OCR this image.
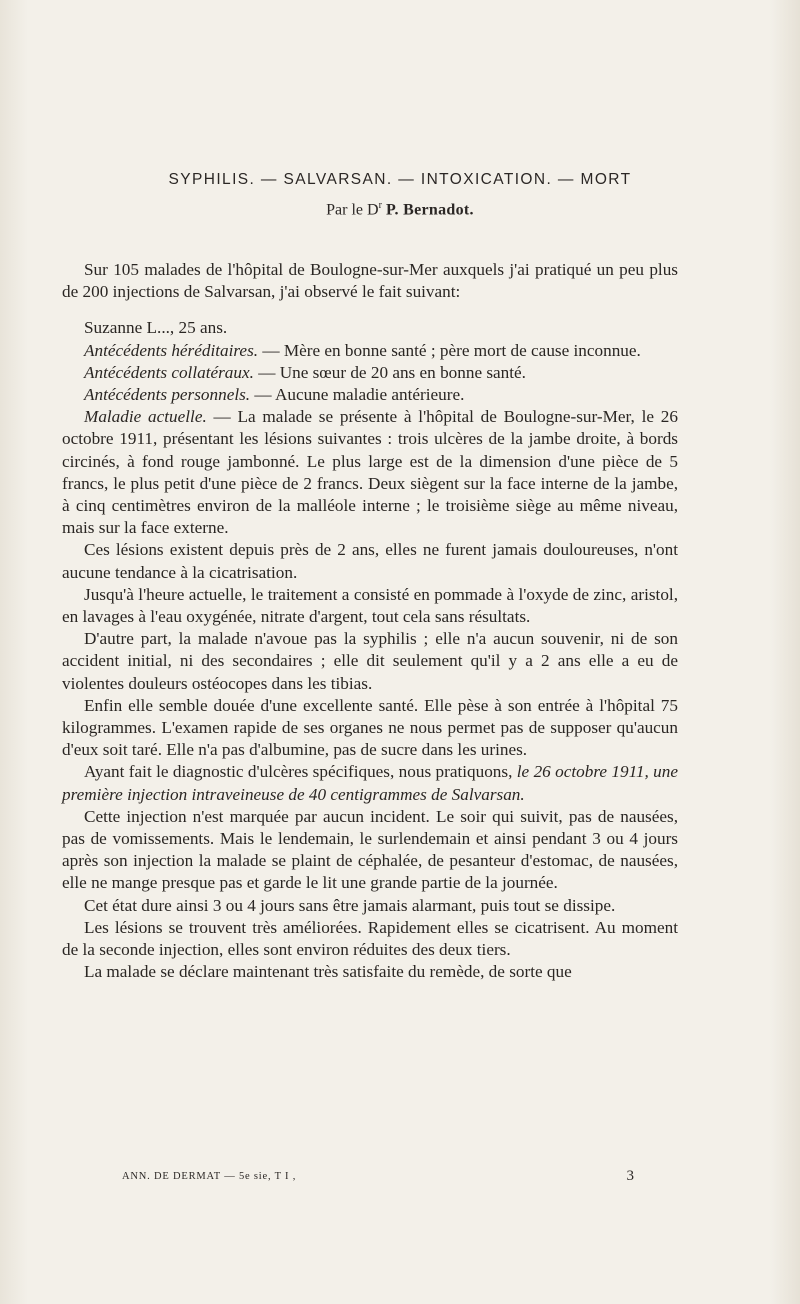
SYPHILIS. — SALVARSAN. — INTOXICATION. — MORT
Par le $D^r$ P. Bernadot.

Sur 105 malades de l'hôpital de Boulogne-sur-Mer auxquels j'ai pratiqué un peu plus de 200 injections de Salvarsan, j'ai observé le fait suivant:

Suzanne L..., 25 ans.

Antécédents héréditaires. — Mère en bonne santé ; père mort de cause inconnue.

Antécédents collatéraux. — Une sœur de 20 ans en bonne santé.

Antécédents personnels. — Aucune maladie antérieure.

Maladie actuelle. — La malade se présente à l'hôpital de Boulogne-sur-Mer, le 26 octobre 1911, présentant les lésions suivantes : trois ulcères de la jambe droite, à bords circinés, à fond rouge jambonné. Le plus large est de la dimension d'une pièce de 5 francs, le plus petit d'une pièce de 2 francs. Deux siègent sur la face interne de la jambe, à cinq centimètres environ de la malléole interne ; le troisième siège au même niveau, mais sur la face externe.

Ces lésions existent depuis près de 2 ans, elles ne furent jamais douloureuses, n'ont aucune tendance à la cicatrisation.

Jusqu'à l'heure actuelle, le traitement a consisté en pommade à l'oxyde de zinc, aristol, en lavages à l'eau oxygénée, nitrate d'argent, tout cela sans résultats.

D'autre part, la malade n'avoue pas la syphilis ; elle n'a aucun souvenir, ni de son accident initial, ni des secondaires ; elle dit seulement qu'il y a 2 ans elle a eu de violentes douleurs ostéocopes dans les tibias.

Enfin elle semble douée d'une excellente santé. Elle pèse à son entrée à l'hôpital 75 kilogrammes. L'examen rapide de ses organes ne nous permet pas de supposer qu'aucun d'eux soit taré. Elle n'a pas d'albumine, pas de sucre dans les urines.

Ayant fait le diagnostic d'ulcères spécifiques, nous pratiquons, le 26 octobre 1911, une première injection intraveineuse de 40 centigrammes de Salvarsan.

Cette injection n'est marquée par aucun incident. Le soir qui suivit, pas de nausées, pas de vomissements. Mais le lendemain, le surlendemain et ainsi pendant 3 ou 4 jours après son injection la malade se plaint de céphalée, de pesanteur d'estomac, de nausées, elle ne mange presque pas et garde le lit une grande partie de la journée.

Cet état dure ainsi 3 ou 4 jours sans être jamais alarmant, puis tout se dissipe.

Les lésions se trouvent très améliorées. Rapidement elles se cicatrisent. Au moment de la seconde injection, elles sont environ réduites des deux tiers.

La malade se déclare maintenant très satisfaite du remède, de sorte que

ANN. DE DERMAT — 5e sie, T I ,	3
